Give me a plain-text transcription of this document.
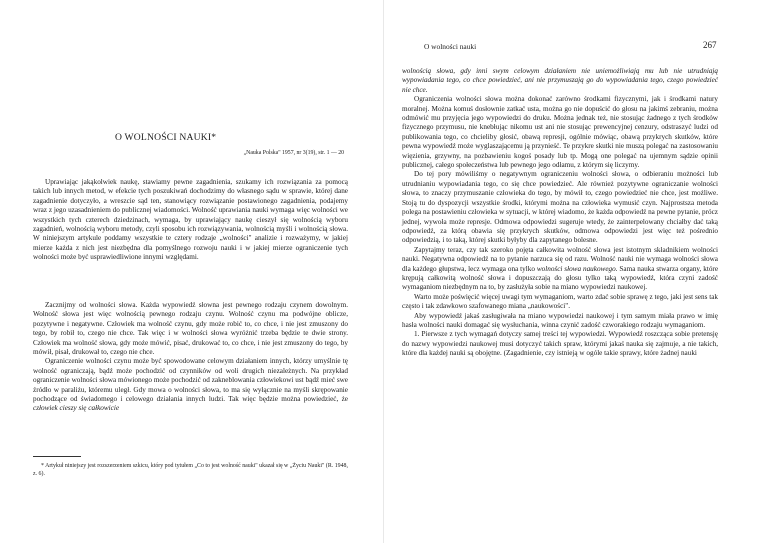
O WOLNOŚCI NAUKI*
„Nauka Polska" 1957, nr 3(19), str. 1 — 20

Uprawiając jakąkolwiek naukę, stawiamy pewne zagadnienia, szukamy ich rozwiązania za pomocą takich lub innych metod, w efekcie tych poszukiwań dochodzimy do własnego sądu w sprawie, której dane zagadnienie dotyczyło, a wreszcie sąd ten, stanowiący rozwiązanie postawionego zagadnienia, podajemy wraz z jego uzasadnieniem do publicznej wiadomości. Wolność uprawiania nauki wymaga więc wolności we wszystkich tych czterech dziedzinach, wymaga, by uprawiający naukę cieszył się wolnością wyboru zagadnień, wolnością wyboru metody, czyli sposobu ich rozwiązywania, wolnością myśli i wolnością słowa. W niniejszym artykule poddamy wszystkie te cztery rodzaje „wolności" analizie i rozważymy, w jakiej mierze każda z nich jest niezbędna dla pomyślnego rozwoju nauki i w jakiej mierze ograniczenie tych wolności może być usprawiedliwione innymi względami.

Zacznijmy od wolności słowa. Każda wypowiedź słowna jest pewnego rodzaju czynem dowolnym. Wolność słowa jest więc wolnością pewnego rodzaju czynu. Wolność czynu ma podwójne oblicze, pozytywne i negatywne. Człowiek ma wolność czynu, gdy może robić to, co chce, i nie jest zmuszony do tego, by robił to, czego nie chce. Tak więc i w wolności słowa wyróżnić trzeba będzie te dwie strony. Człowiek ma wolność słowa, gdy może mówić, pisać, drukować to, co chce, i nie jest zmuszony do tego, by mówił, pisał, drukował to, czego nie chce.

Ograniczenie wolności czynu może być spowodowane celowym działaniem innych, którzy umyślnie tę wolność ograniczają, bądź może pochodzić od czynników od woli drugich niezależnych. Na przykład ograniczenie wolności słowa mówionego może pochodzić od zakneblowania człowiekowi ust bądź mieć swe źródło w paraliżu, któremu uległ. Gdy mowa o wolności słowa, to ma się wyłącznie na myśli skrępowanie pochodzące od świadomego i celowego działania innych ludzi. Tak więc będzie można powiedzieć, że człowiek cieszy się całkowicie

* Artykuł niniejszy jest rozszerzeniem szkicu, który pod tytułem „Co to jest wolność nauki" ukazał się w „Życiu Nauki" (R. 1948, z. 6).
O wolności nauki	267

wolnością słowa, gdy inni swym celowym działaniem nie uniemożliwiają mu lub nie utrudniają wypowiadania tego, co chce powiedzieć, ani nie przymuszają go do wypowiadania tego, czego powiedzieć nie chce.

Ograniczenia wolności słowa można dokonać zarówno środkami fizycznymi, jak i środkami natury moralnej. Można komuś dosłownie zatkać usta, można go nie dopuścić do głosu na jakimś zebraniu, można odmówić mu przyjęcia jego wypowiedzi do druku. Można jednak też, nie stosując żadnego z tych środków fizycznego przymusu, nie knebłując nikomu ust ani nie stosując prewencyjnej cenzury, odstraszyć ludzi od publikowania tego, co chcieliby głosić, obawą represji, ogólnie mówiąc, obawą przykrych skutków, które pewna wypowiedź może wyglaszającemu ją przynieść. Te przykre skutki nie muszą polegać na zastosowaniu więzienia, grzywny, na pozbawieniu kogoś posady lub tp. Mogą one polegać na ujemnym sądzie opinii publicznej, całego społeczeństwa lub pewnego jego odłamu, z którym się liczymy.

Do tej pory mówiliśmy o negatywnym ograniczeniu wolności słowa, o odbieraniu możności lub utrudnianiu wypowiadania tego, co się chce powiedzieć. Ale również pozytywne ograniczanie wolności słowa, to znaczy przymuszanie człowieka do tego, by mówił to, czego powiedzieć nie chce, jest możliwe. Stoją tu do dyspozycji wszystkie środki, którymi można na człowieka wymusić czyn. Najprostsza metoda polega na postawieniu człowieka w sytuacji, w której wiadomo, że każda odpowiedź na pewne pytanie, prócz jednej, wywoła może represje. Odmowa odpowiedzi sugeruje wtedy, że zainterpelowany chciałby dać taką odpowiedź, za którą obawia się przykrych skutków, odmowa odpowiedzi jest więc też pośrednio odpowiedzią, i to taką, której skutki byłyby dla zapytanego bolesne.

Zapytajmy teraz, czy tak szeroko pojęta całkowita wolność słowa jest istotnym składnikiem wolności nauki. Negatywna odpowiedź na to pytanie narzuca się od razu. Wolność nauki nie wymaga wolności słowa dla każdego głupstwa, lecz wymaga ona tylko wolności słowa naukowego. Sama nauka stwarza organy, które krępują całkowitą wolność słowa i dopuszczają do głosu tylko taką wypowiedź, która czyni zadość wymaganiom niezbędnym na to, by zasłużyła sobie na miano wypowiedzi naukowej.

Warto może poświęcić więcej uwagi tym wymaganiom, warto zdać sobie sprawę z tego, jaki jest sens tak często i tak zdawkowo szafowanego miana „naukowości".

Aby wypowiedź jakaś zasługiwała na miano wypowiedzi naukowej i tym samym miała prawo w imię hasła wolności nauki domagać się wysłuchania, winna czynić zadość czworakiego rodzaju wymaganiom.

1. Pierwsze z tych wymagań dotyczy samej treści tej wypowiedzi. Wypowiedź roszcząca sobie pretensję do nazwy wypowiedzi naukowej musi dotyczyć takich spraw, którymi jakaś nauka się zajmuje, a nie takich, które dla każdej nauki są obojętne. (Zagadnienie, czy istnieją w ogóle takie sprawy, które żadnej nauki
